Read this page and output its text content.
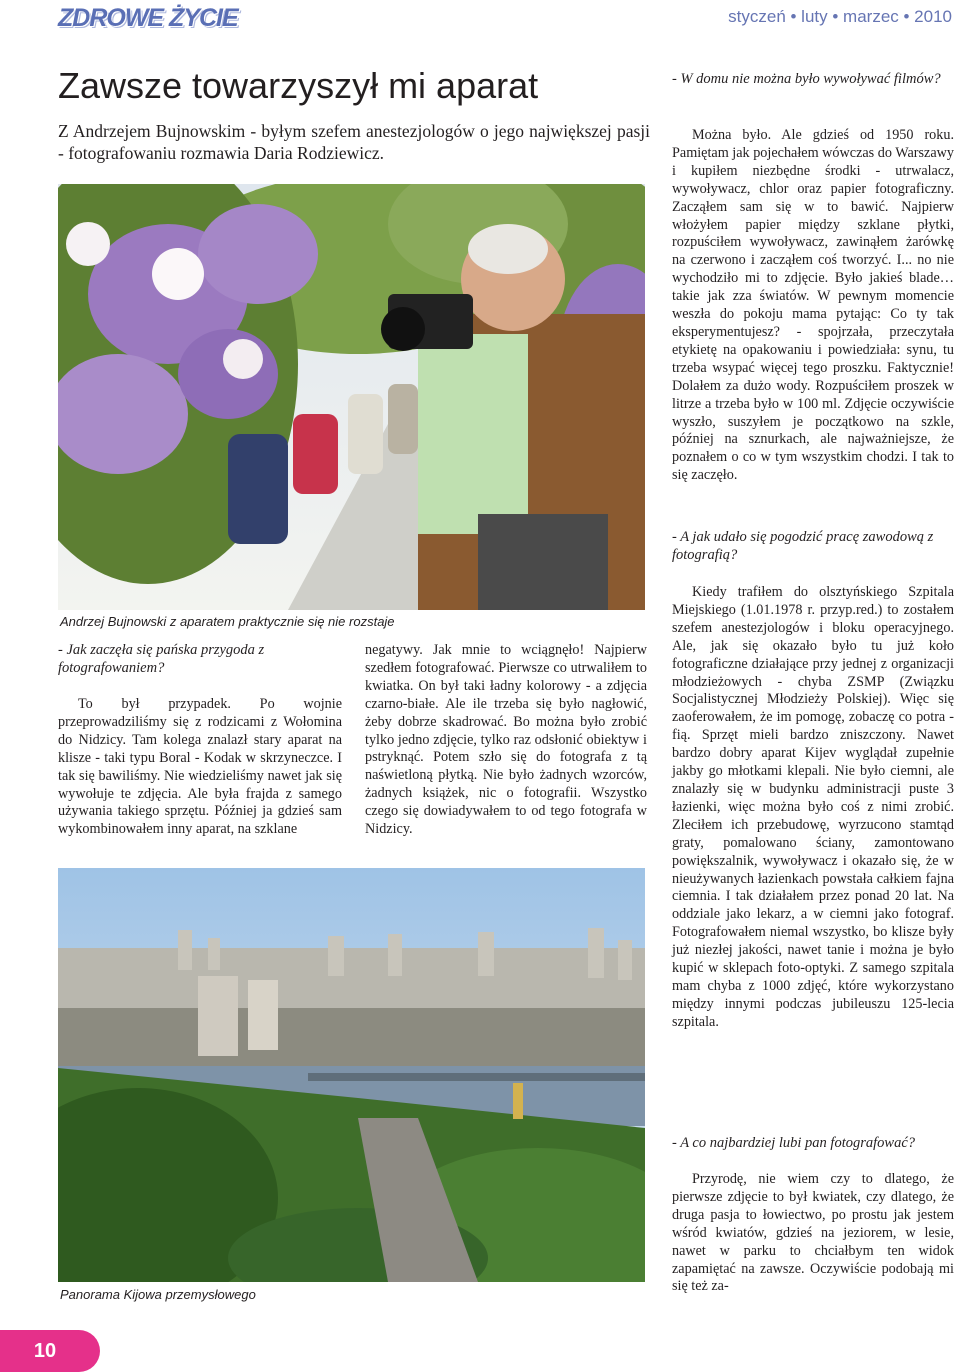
ZDROWE ŻYCIE	styczeń • luty • marzec • 2010
Zawsze towarzyszył mi aparat

Z Andrzejem Bujnowskim - byłym szefem anestezjologów o jego największej pasji - fotografowaniu rozmawia Daria Rodziewicz.

Andrzej Bujnowski z aparatem praktycznie się nie rozstaje

- W domu nie można było wywoływać filmów?

Można było. Ale gdzieś od 1950 roku. Pamiętam jak pojechałem wówczas do Warszawy i kupiłem niezbędne środki - utrwalacz, wywoływacz, chlor oraz papier fotograficzny. Zacząłem sam się w to bawić. Najpierw włożyłem papier między szklane płytki, rozpuściłem wywoływacz, zawinąłem żarówkę na czerwono i zacząłem coś tworzyć. I... no nie wychodziło mi to zdjęcie. Było jakieś blade… takie jak zza światów. W pewnym momencie weszła do pokoju mama pytając: Co ty tak eksperymentujesz? - spojrzała, przeczytała etykietę na opakowaniu i powiedziała: synu, tu trzeba wsypać więcej tego proszku. Faktycznie! Dolałem za dużo wody. Rozpuściłem proszek w litrze a trzeba było w 100 ml. Zdjęcie oczywiście wyszło, suszyłem je początkowo na szkle, później na sznurkach, ale najważniejsze, że poznałem o co w tym wszystkim chodzi. I tak to się zaczęło.

- A jak udało się pogodzić pracę zawodową z fotografią?

- Jak zaczęła się pańska przygoda z fotografowaniem?

To był przypadek. Po wojnie przeprowadziliśmy się z rodzicami z Wołomina do Nidzicy. Tam kolega znalazł stary aparat na klisze - taki typu Boral - Kodak w skrzyneczce. I tak się bawiliśmy. Nie wiedzieliśmy nawet jak się wywołuje te zdjęcia. Ale była frajda z samego używania takiego sprzętu. Później ja gdzieś sam wykombinowałem inny aparat, na szklane

negatywy. Jak mnie to wciągnęło! Najpierw szedłem fotografować. Pierwsze co utrwaliłem to kwiatka. On był taki ładny kolorowy - a zdjęcia czarno-białe. Ale ile trzeba się było nagłowić, żeby dobrze skadrować. Bo można było zrobić tylko jedno zdjęcie, tylko raz odsłonić obiektyw i pstryknąć. Potem szło się do fotografa z tą naświetloną płytką. Nie było żadnych wzorców, żadnych książek, nic o fotografii. Wszystko czego się dowiadywałem to od tego fotografa w Nidzicy.

Kiedy trafiłem do olsztyńskiego Szpitala Miejskiego (1.01.1978 r. przyp.red.) to zostałem szefem anestezjologów i bloku operacyjnego. Ale, jak się okazało było tu już koło fotograficzne działające przy jednej z organizacji młodzieżowych - chyba ZSMP (Związku Socjalistycznej Młodzieży Polskiej). Więc się zaoferowałem, że im pomogę, zobaczę co potra - fią. Sprzęt mieli bardzo zniszczony. Nawet bardzo dobry aparat Kijev wyglądał zupełnie jakby go młotkami klepali. Nie było ciemni, ale znalazły się w budynku administracji puste 3 łazienki, więc można było coś z nimi zrobić. Zleciłem ich przebudowę, wyrzucono stamtąd graty, pomalowano ściany, zamontowano powiększalnik, wywoływacz i okazało się, że w nieużywanych łazienkach powstała całkiem fajna ciemnia. I tak działałem przez ponad 20 lat. Na oddziale jako lekarz, a w ciemni jako fotograf. Fotografowałem niemal wszystko, bo klisze były już niezłej jakości, nawet tanie i można je było kupić w sklepach foto-optyki. Z samego szpitala mam chyba z 1000 zdjęć, które wykorzystano między innymi podczas jubileuszu 125-lecia szpitala.

- A co najbardziej lubi pan fotografować?

Przyrodę, nie wiem czy to dlatego, że pierwsze zdjęcie to był kwiatek, czy dlatego, że druga pasja to łowiectwo, po prostu jak jestem wśród kwiatów, gdzieś na jeziorem, w lesie, nawet w parku to chciałbym ten widok zapamiętać na zawsze. Oczywiście podobają mi się też za-

Panorama Kijowa przemysłowego
10
